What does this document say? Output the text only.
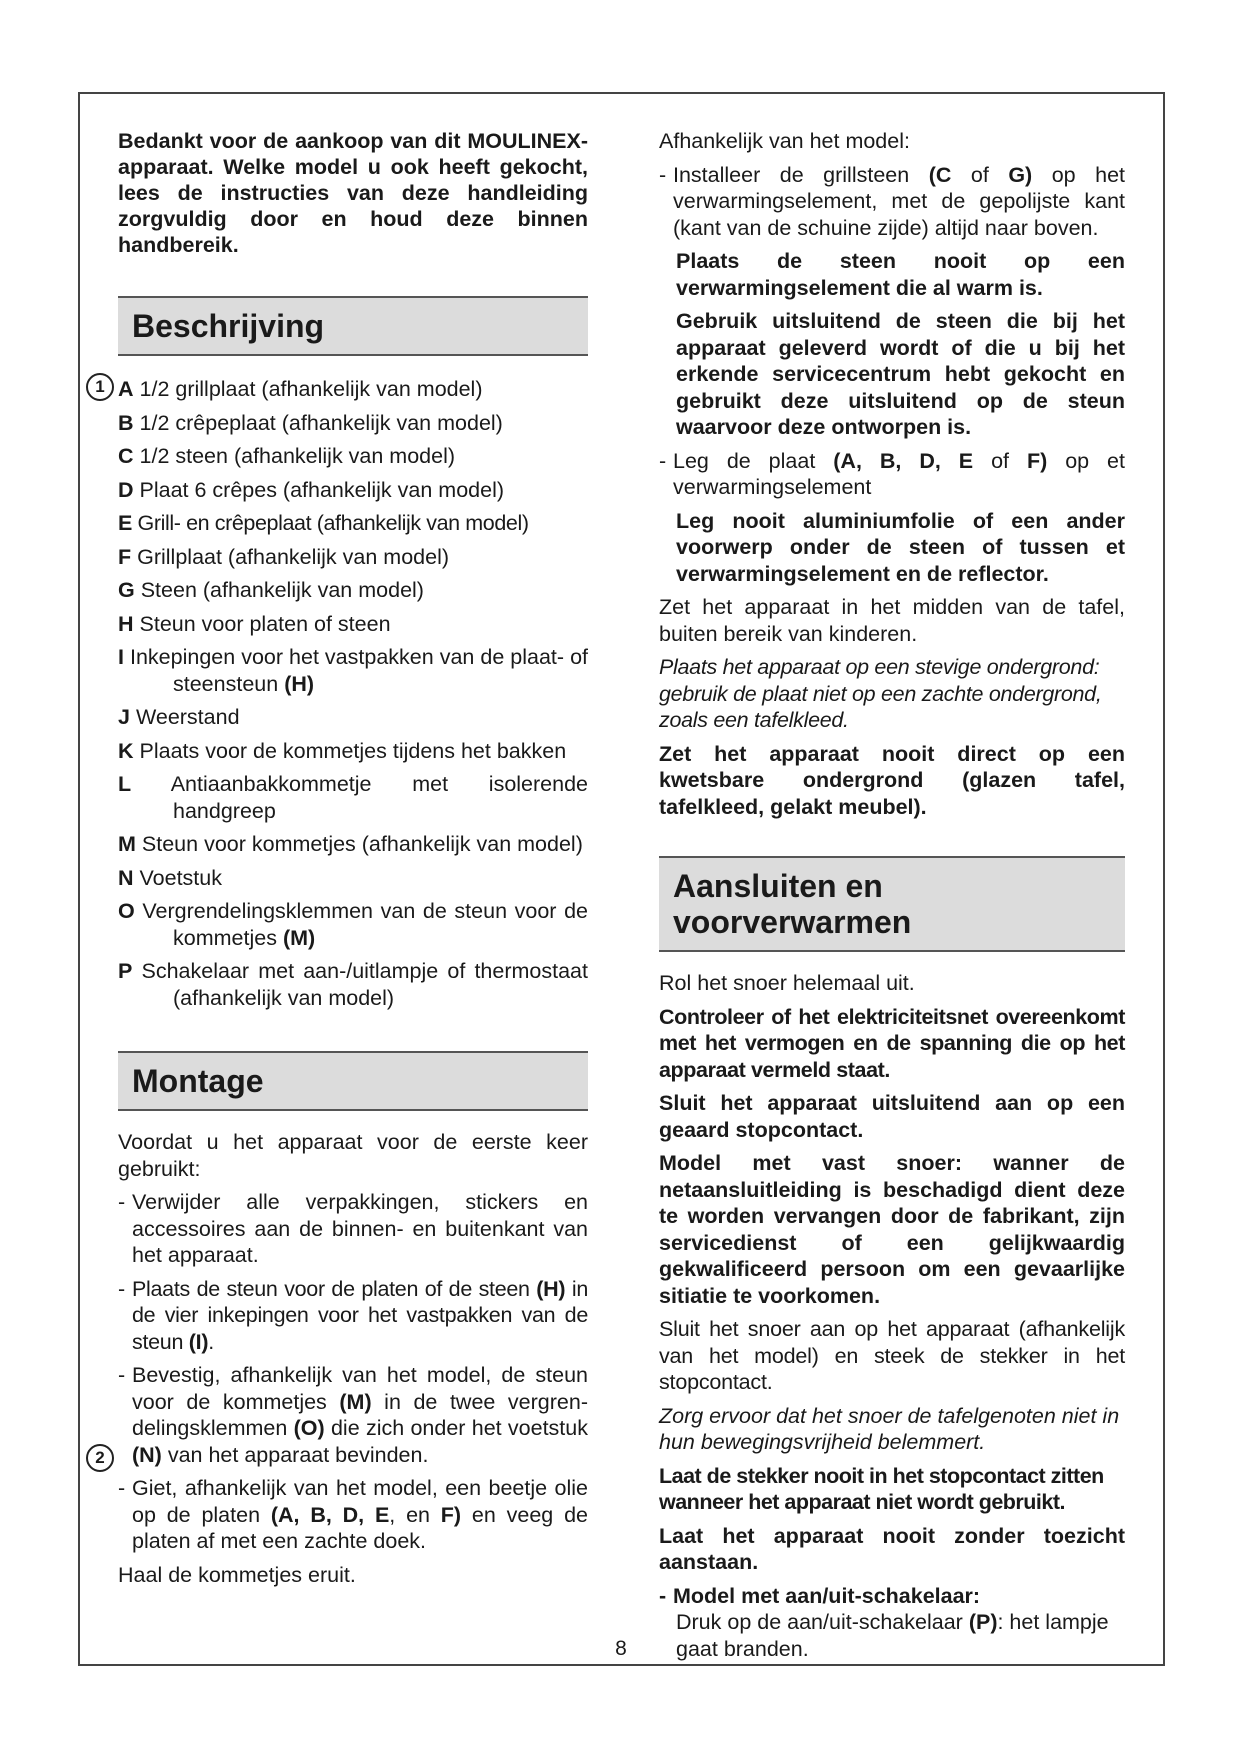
Bedankt voor de aankoop van dit MOULINEX-apparaat. Welke model u ook heeft gekocht, lees de instructies van deze handleiding zorgvuldig door en houd deze binnen handbereik.

Beschrijving
A 1/2 grillplaat (afhankelijk van model)
B 1/2 crêpeplaat (afhankelijk van model)
C 1/2 steen (afhankelijk van model)
D Plaat 6 crêpes (afhankelijk van model)
E Grill- en crêpeplaat (afhankelijk van model)
F Grillplaat (afhankelijk van model)
G Steen (afhankelijk van model)
H Steun voor platen of steen
I Inkepingen voor het vastpakken van de plaat- of steensteun (H)
J Weerstand
K Plaats voor de kommetjes tijdens het bakken
L Antiaanbakkommetje met isolerende handgreep
M Steun voor kommetjes (afhankelijk van model)
N Voetstuk
O Vergrendelingsklemmen van de steun voor de kommetjes (M)
P Schakelaar met aan-/uitlampje of thermostaat (afhankelijk van model)
Montage

Voordat u het apparaat voor de eerste keer gebruikt:

- Verwijder alle verpakkingen, stickers en accessoires aan de binnen- en buitenkant van het apparaat.
- Plaats de steun voor de platen of de steen (H) in de vier inkepingen voor het vastpakken van de steun (I).
- Bevestig, afhankelijk van het model, de steun voor de kommetjes (M) in de twee vergren-delingsklemmen (O) die zich onder het voetstuk (N) van het apparaat bevinden.
- Giet, afhankelijk van het model, een beetje olie op de platen (A, B, D, E, en F) en veeg de platen af met een zachte doek.

Haal de kommetjes eruit.

1
2

Afhankelijk van het model:

- Installeer de grillsteen (C of G) op het verwarmingselement, met de gepolijste kant (kant van de schuine zijde) altijd naar boven.
Plaats de steen nooit op een verwarmingselement die al warm is.
Gebruik uitsluitend de steen die bij het apparaat geleverd wordt of die u bij het erkende servicecentrum hebt gekocht en gebruikt deze uitsluitend op de steun waarvoor deze ontworpen is.
- Leg de plaat (A, B, D, E of F) op et verwarmingselement
Leg nooit aluminiumfolie of een ander voorwerp onder de steen of tussen et verwarmingselement en de reflector.

Zet het apparaat in het midden van de tafel, buiten bereik van kinderen.

Plaats het apparaat op een stevige ondergrond: gebruik de plaat niet op een zachte ondergrond, zoals een tafelkleed.

Zet het apparaat nooit direct op een kwetsbare ondergrond (glazen tafel, tafelkleed, gelakt meubel).

Aansluiten en voorverwarmen

Rol het snoer helemaal uit.

Controleer of het elektriciteitsnet overeenkomt met het vermogen en de spanning die op het apparaat vermeld staat.

Sluit het apparaat uitsluitend aan op een geaard stopcontact.

Model met vast snoer: wanner de netaansluitleiding is beschadigd dient deze te worden vervangen door de fabrikant, zijn servicedienst of een gelijkwaardig gekwalificeerd persoon om een gevaarlijke sitiatie te voorkomen.

Sluit het snoer aan op het apparaat (afhankelijk van het model) en steek de stekker in het stopcontact.

Zorg ervoor dat het snoer de tafelgenoten niet in hun bewegingsvrijheid belemmert.

Laat de stekker nooit in het stopcontact zitten wanneer het apparaat niet wordt gebruikt.

Laat het apparaat nooit zonder toezicht aanstaan.

- Model met aan/uit-schakelaar:
Druk op de aan/uit-schakelaar (P): het lampje gaat branden.
8
